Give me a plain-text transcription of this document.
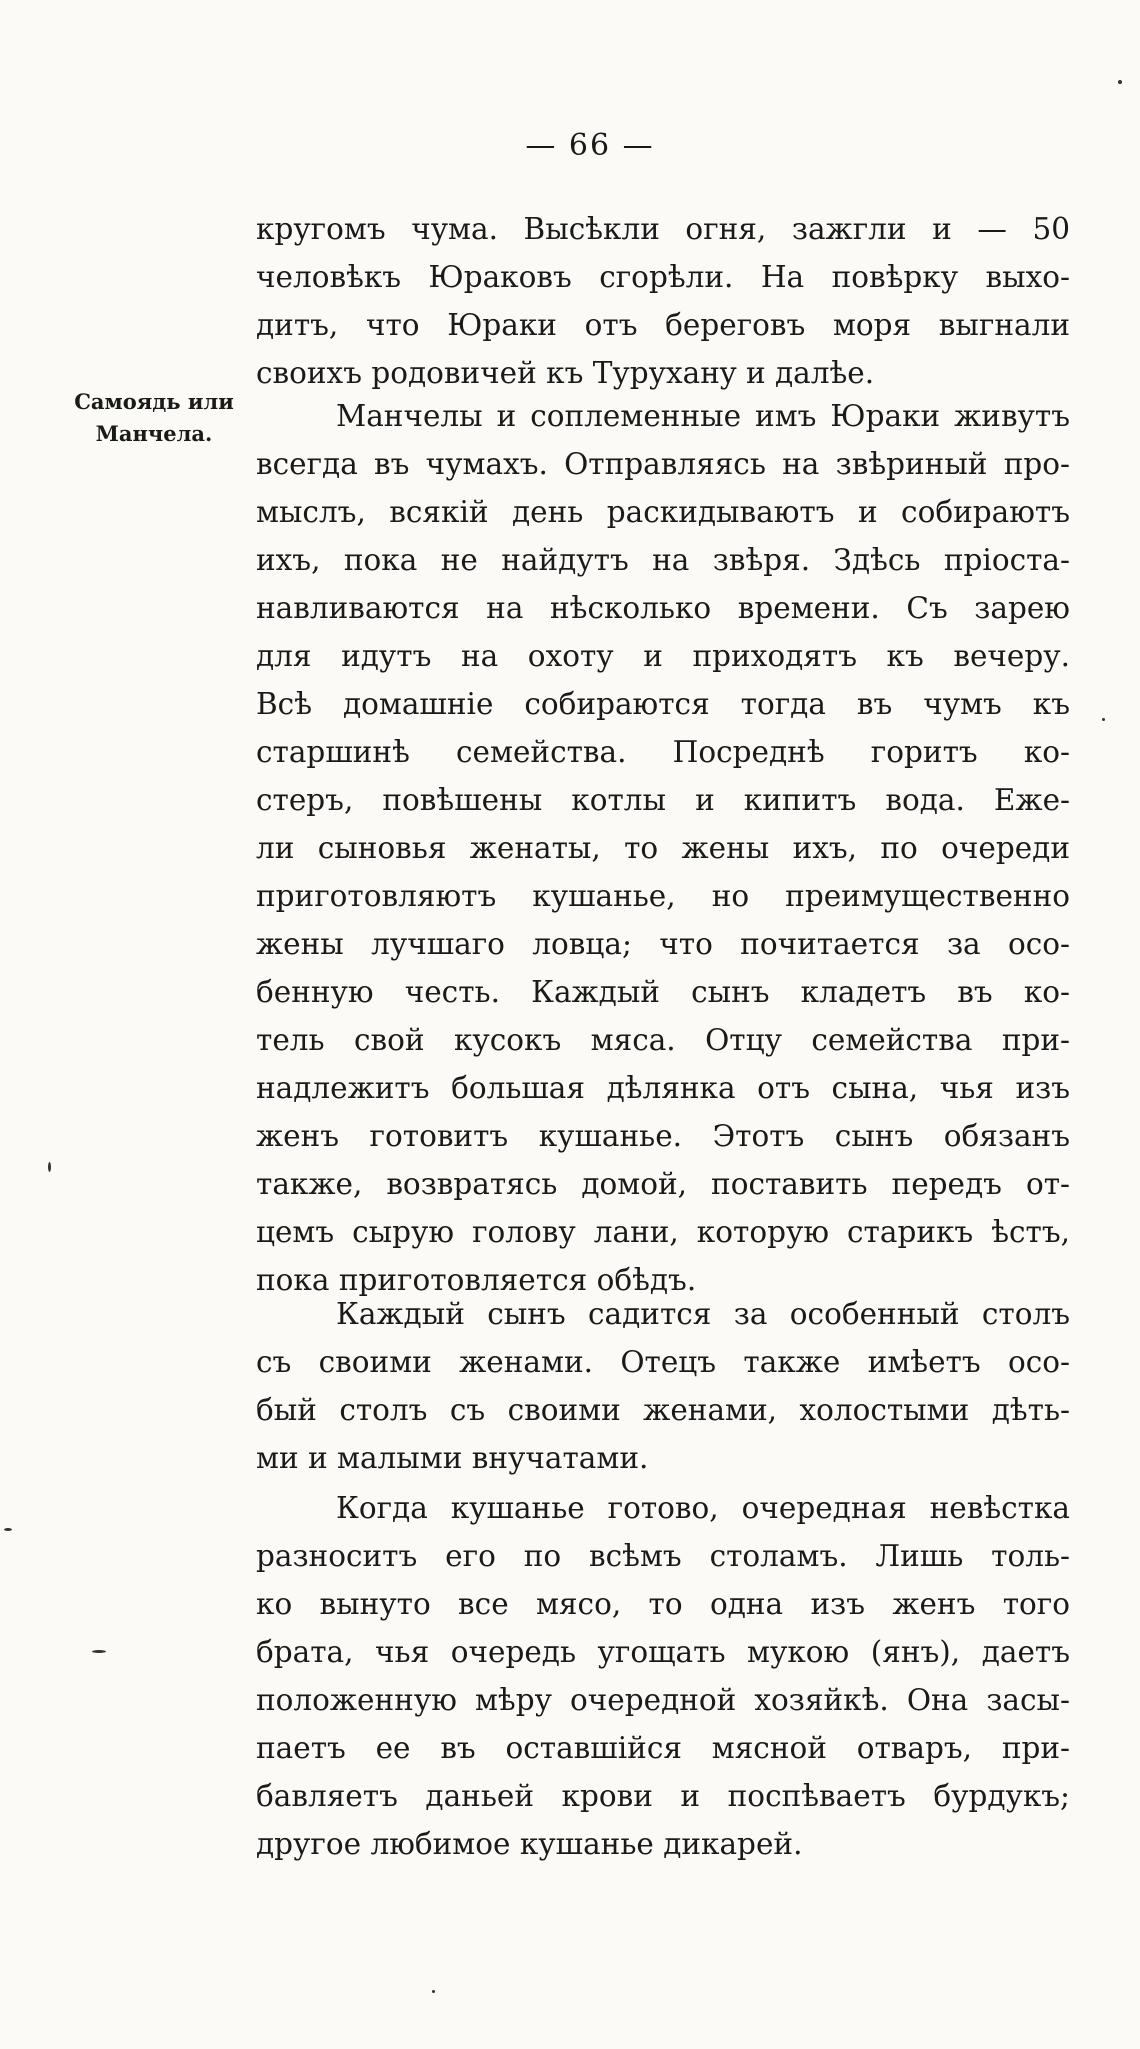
— 66 —
Самоядь или
Манчела.
кругомъ чума. Высѣкли огня, зажгли и — 50
человѣкъ Юраковъ сгорѣли. На повѣрку выхо-
дитъ, что Юраки отъ береговъ моря выгнали
своихъ родовичей къ Туруханy и далѣе.
Манчелы и соплеменные имъ Юраки живутъ
всегда въ чумахъ. Отправляясь на звѣриный про-
мыслъ, всякій день раскидываютъ и собираютъ
ихъ, пока не найдутъ на звѣря. Здѣсь пріоста-
навливаются на нѣсколько времени. Съ зарею
для идутъ на охоту и приходятъ къ вечеру.
Всѣ домашніе собираются тогда въ чумъ къ
старшинѣ семейства. Посреднѣ горитъ ко-
стеръ, повѣшены котлы и кипитъ вода. Еже-
ли сыновья женаты, то жены ихъ, по очереди
приготовляютъ кушанье, но преимущественно
жены лучшаго ловца; что почитается за осо-
бенную честь. Каждый сынъ кладетъ въ ко-
тель свой кусокъ мяса. Отцу семейства при-
надлежитъ большая дѣлянка отъ сына, чья изъ
женъ готовитъ кушанье. Этотъ сынъ обязанъ
также, возвратясь домой, поставить передъ от-
цемъ сырую голову лани, которую старикъ ѣстъ,
пока приготовляется обѣдъ.
Каждый сынъ садится за особенный столъ
съ своими женами. Отецъ также имѣетъ осо-
бый столъ съ своими женами, холостыми дѣть-
ми и малыми внучатами.
Когда кушанье готово, очередная невѣстка
разноситъ его по всѣмъ столамъ. Лишь толь-
ко вынуто все мясо, то одна изъ женъ того
брата, чья очередь угощать мукою (янъ), даетъ
положенную мѣру очередной хозяйкѣ. Она засы-
паетъ ее въ оставшійся мясной отваръ, при-
бавляетъ даньей крови и поспѣваетъ бурдукъ;
другое любимое кушанье дикарей.
